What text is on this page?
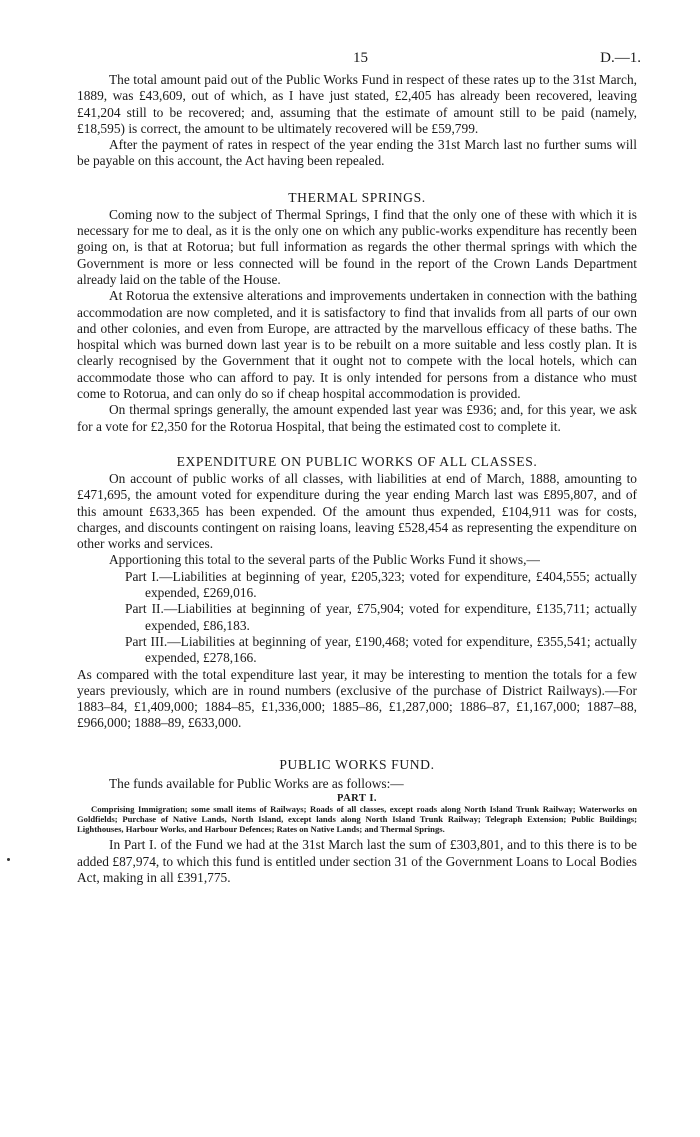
15	D.—1.

The total amount paid out of the Public Works Fund in respect of these rates up to the 31st March, 1889, was £43,609, out of which, as I have just stated, £2,405 has already been recovered, leaving £41,204 still to be recovered; and, assuming that the estimate of amount still to be paid (namely, £18,595) is correct, the amount to be ultimately recovered will be £59,799.

After the payment of rates in respect of the year ending the 31st March last no further sums will be payable on this account, the Act having been repealed.

THERMAL SPRINGS.

Coming now to the subject of Thermal Springs, I find that the only one of these with which it is necessary for me to deal, as it is the only one on which any public-works expenditure has recently been going on, is that at Rotorua; but full information as regards the other thermal springs with which the Government is more or less connected will be found in the report of the Crown Lands Department already laid on the table of the House.

At Rotorua the extensive alterations and improvements undertaken in connection with the bathing accommodation are now completed, and it is satisfactory to find that invalids from all parts of our own and other colonies, and even from Europe, are attracted by the marvellous efficacy of these baths. The hospital which was burned down last year is to be rebuilt on a more suitable and less costly plan. It is clearly recognised by the Government that it ought not to compete with the local hotels, which can accommodate those who can afford to pay. It is only intended for persons from a distance who must come to Rotorua, and can only do so if cheap hospital accommodation is provided.

On thermal springs generally, the amount expended last year was £936; and, for this year, we ask for a vote for £2,350 for the Rotorua Hospital, that being the estimated cost to complete it.

EXPENDITURE ON PUBLIC WORKS OF ALL CLASSES.

On account of public works of all classes, with liabilities at end of March, 1888, amounting to £471,695, the amount voted for expenditure during the year ending March last was £895,807, and of this amount £633,365 has been expended. Of the amount thus expended, £104,911 was for costs, charges, and discounts contingent on raising loans, leaving £528,454 as representing the expenditure on other works and services.

Apportioning this total to the several parts of the Public Works Fund it shows,—

Part I.—Liabilities at beginning of year, £205,323; voted for expenditure, £404,555; actually expended, £269,016.

Part II.—Liabilities at beginning of year, £75,904; voted for expenditure, £135,711; actually expended, £86,183.

Part III.—Liabilities at beginning of year, £190,468; voted for expenditure, £355,541; actually expended, £278,166.

As compared with the total expenditure last year, it may be interesting to mention the totals for a few years previously, which are in round numbers (exclusive of the purchase of District Railways).—For 1883–84, £1,409,000; 1884–85, £1,336,000; 1885–86, £1,287,000; 1886–87, £1,167,000; 1887–88, £966,000; 1888–89, £633,000.

PUBLIC WORKS FUND.

The funds available for Public Works are as follows:—

PART I.

Comprising Immigration; some small items of Railways; Roads of all classes, except roads along North Island Trunk Railway; Waterworks on Goldfields; Purchase of Native Lands, North Island, except lands along North Island Trunk Railway; Telegraph Extension; Public Buildings; Lighthouses, Harbour Works, and Harbour Defences; Rates on Native Lands; and Thermal Springs.

In Part I. of the Fund we had at the 31st March last the sum of £303,801, and to this there is to be added £87,974, to which this fund is entitled under section 31 of the Government Loans to Local Bodies Act, making in all £391,775.
